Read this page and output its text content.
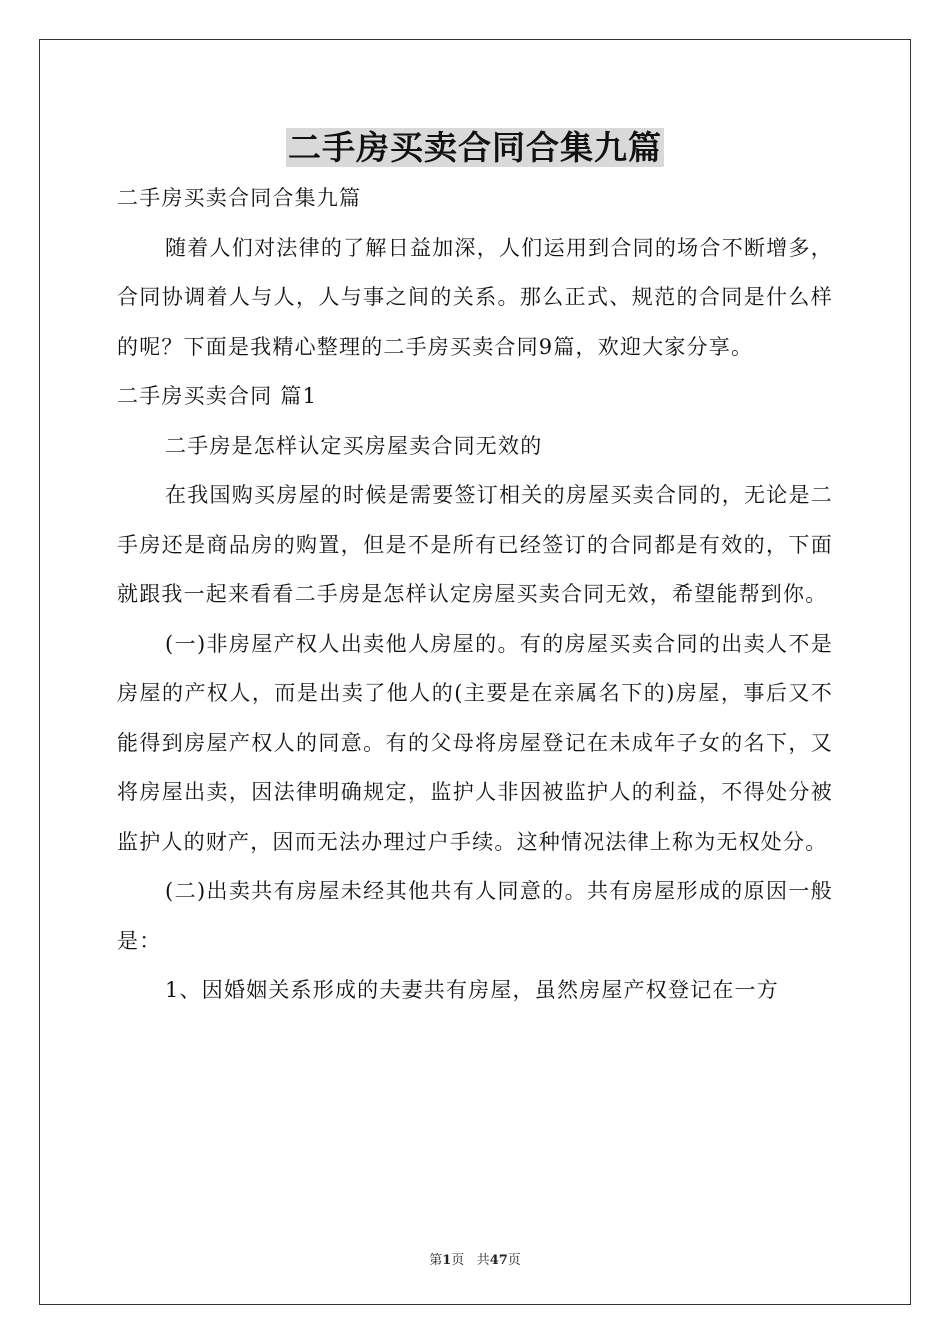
二手房买卖合同合集九篇

二手房买卖合同合集九篇

随着人们对法律的了解日益加深，人们运用到合同的场合不断增多，合同协调着人与人，人与事之间的关系。那么正式、规范的合同是什么样的呢？下面是我精心整理的二手房买卖合同9篇，欢迎大家分享。

二手房买卖合同 篇1

二手房是怎样认定买房屋卖合同无效的

在我国购买房屋的时候是需要签订相关的房屋买卖合同的，无论是二手房还是商品房的购置，但是不是所有已经签订的合同都是有效的，下面就跟我一起来看看二手房是怎样认定房屋买卖合同无效，希望能帮到你。

(一)非房屋产权人出卖他人房屋的。有的房屋买卖合同的出卖人不是房屋的产权人，而是出卖了他人的(主要是在亲属名下的)房屋，事后又不能得到房屋产权人的同意。有的父母将房屋登记在未成年子女的名下，又将房屋出卖，因法律明确规定，监护人非因被监护人的利益，不得处分被监护人的财产，因而无法办理过户手续。这种情况法律上称为无权处分。

(二)出卖共有房屋未经其他共有人同意的。共有房屋形成的原因一般是：

1、因婚姻关系形成的夫妻共有房屋，虽然房屋产权登记在一方

第1页 共47页
